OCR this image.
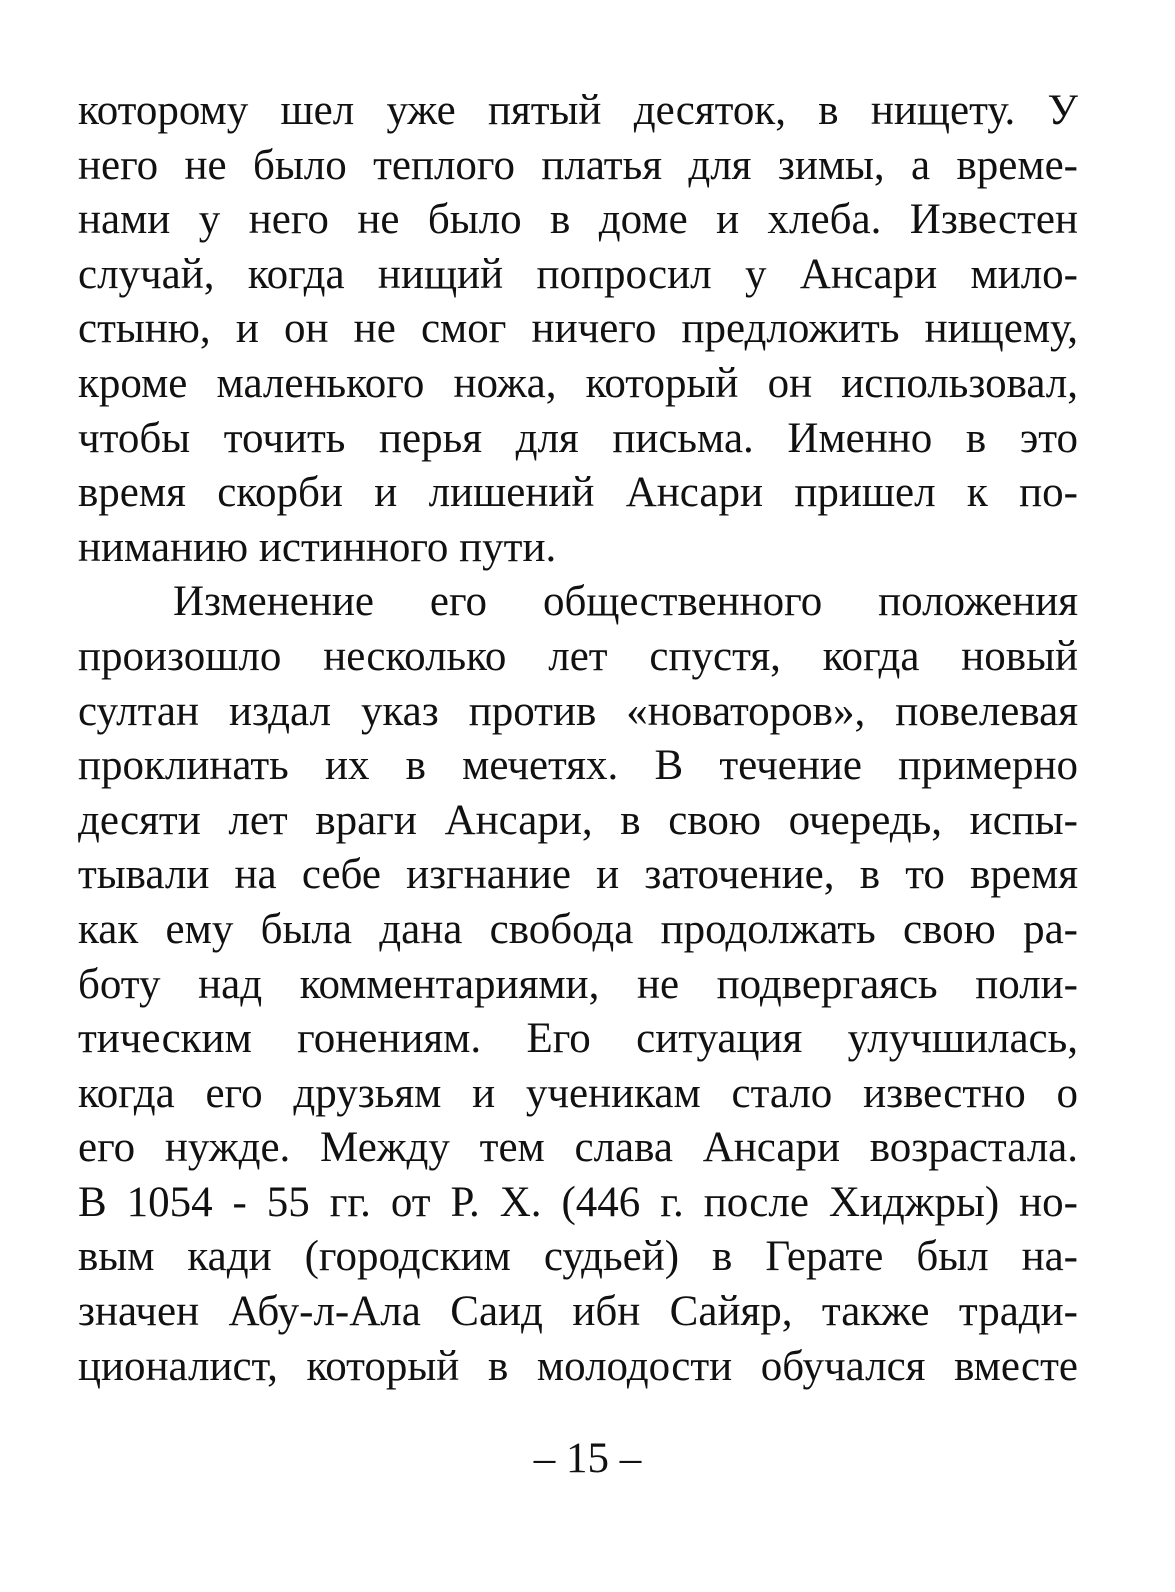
которому шел уже пятый десяток, в нищету. У
него не было теплого платья для зимы, а време-
нами у него не было в доме и хлеба. Известен
случай, когда нищий попросил у Ансари мило-
стыню, и он не смог ничего предложить нищему,
кроме маленького ножа, который он использовал,
чтобы точить перья для письма. Именно в это
время скорби и лишений Ансари пришел к по-
ниманию истинного пути.
Изменение его общественного положения
произошло несколько лет спустя, когда новый
султан издал указ против «новаторов», повелевая
проклинать их в мечетях. В течение примерно
десяти лет враги Ансари, в свою очередь, испы-
тывали на себе изгнание и заточение, в то время
как ему была дана свобода продолжать свою ра-
боту над комментариями, не подвергаясь поли-
тическим гонениям. Его ситуация улучшилась,
когда его друзьям и ученикам стало известно о
его нужде. Между тем слава Ансари возрастала.
В 1054 - 55 гг. от Р. Х. (446 г. после Хиджры) но-
вым кади (городским судьей) в Герате был на-
значен Абу-л-Ала Саид ибн Сайяр, также тради-
ционалист, который в молодости обучался вместе
– 15 –
